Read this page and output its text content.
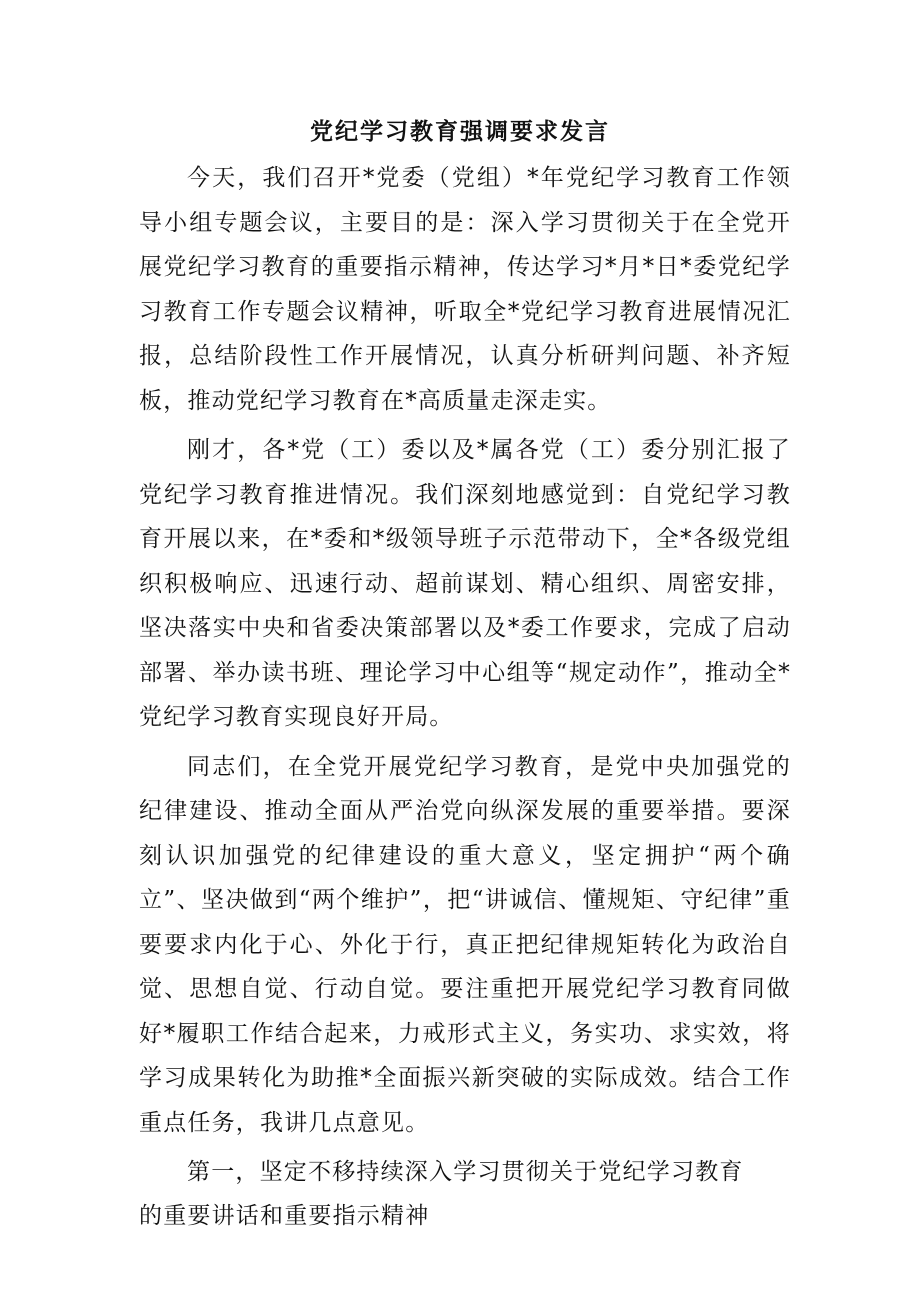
党纪学习教育强调要求发言

今天，我们召开*党委（党组）*年党纪学习教育工作领导小组专题会议，主要目的是：深入学习贯彻关于在全党开展党纪学习教育的重要指示精神，传达学习*月*日*委党纪学习教育工作专题会议精神，听取全*党纪学习教育进展情况汇报，总结阶段性工作开展情况，认真分析研判问题、补齐短板，推动党纪学习教育在*高质量走深走实。

刚才，各*党（工）委以及*属各党（工）委分别汇报了党纪学习教育推进情况。我们深刻地感觉到：自党纪学习教育开展以来，在*委和*级领导班子示范带动下，全*各级党组织积极响应、迅速行动、超前谋划、精心组织、周密安排，坚决落实中央和省委决策部署以及*委工作要求，完成了启动部署、举办读书班、理论学习中心组等“规定动作”，推动全*党纪学习教育实现良好开局。

同志们，在全党开展党纪学习教育，是党中央加强党的纪律建设、推动全面从严治党向纵深发展的重要举措。要深刻认识加强党的纪律建设的重大意义，坚定拥护“两个确立”、坚决做到“两个维护”，把“讲诚信、懂规矩、守纪律”重要要求内化于心、外化于行，真正把纪律规矩转化为政治自觉、思想自觉、行动自觉。要注重把开展党纪学习教育同做好*履职工作结合起来，力戒形式主义，务实功、求实效，将学习成果转化为助推*全面振兴新突破的实际成效。结合工作重点任务，我讲几点意见。

第一，坚定不移持续深入学习贯彻关于党纪学习教育的重要讲话和重要指示精神
